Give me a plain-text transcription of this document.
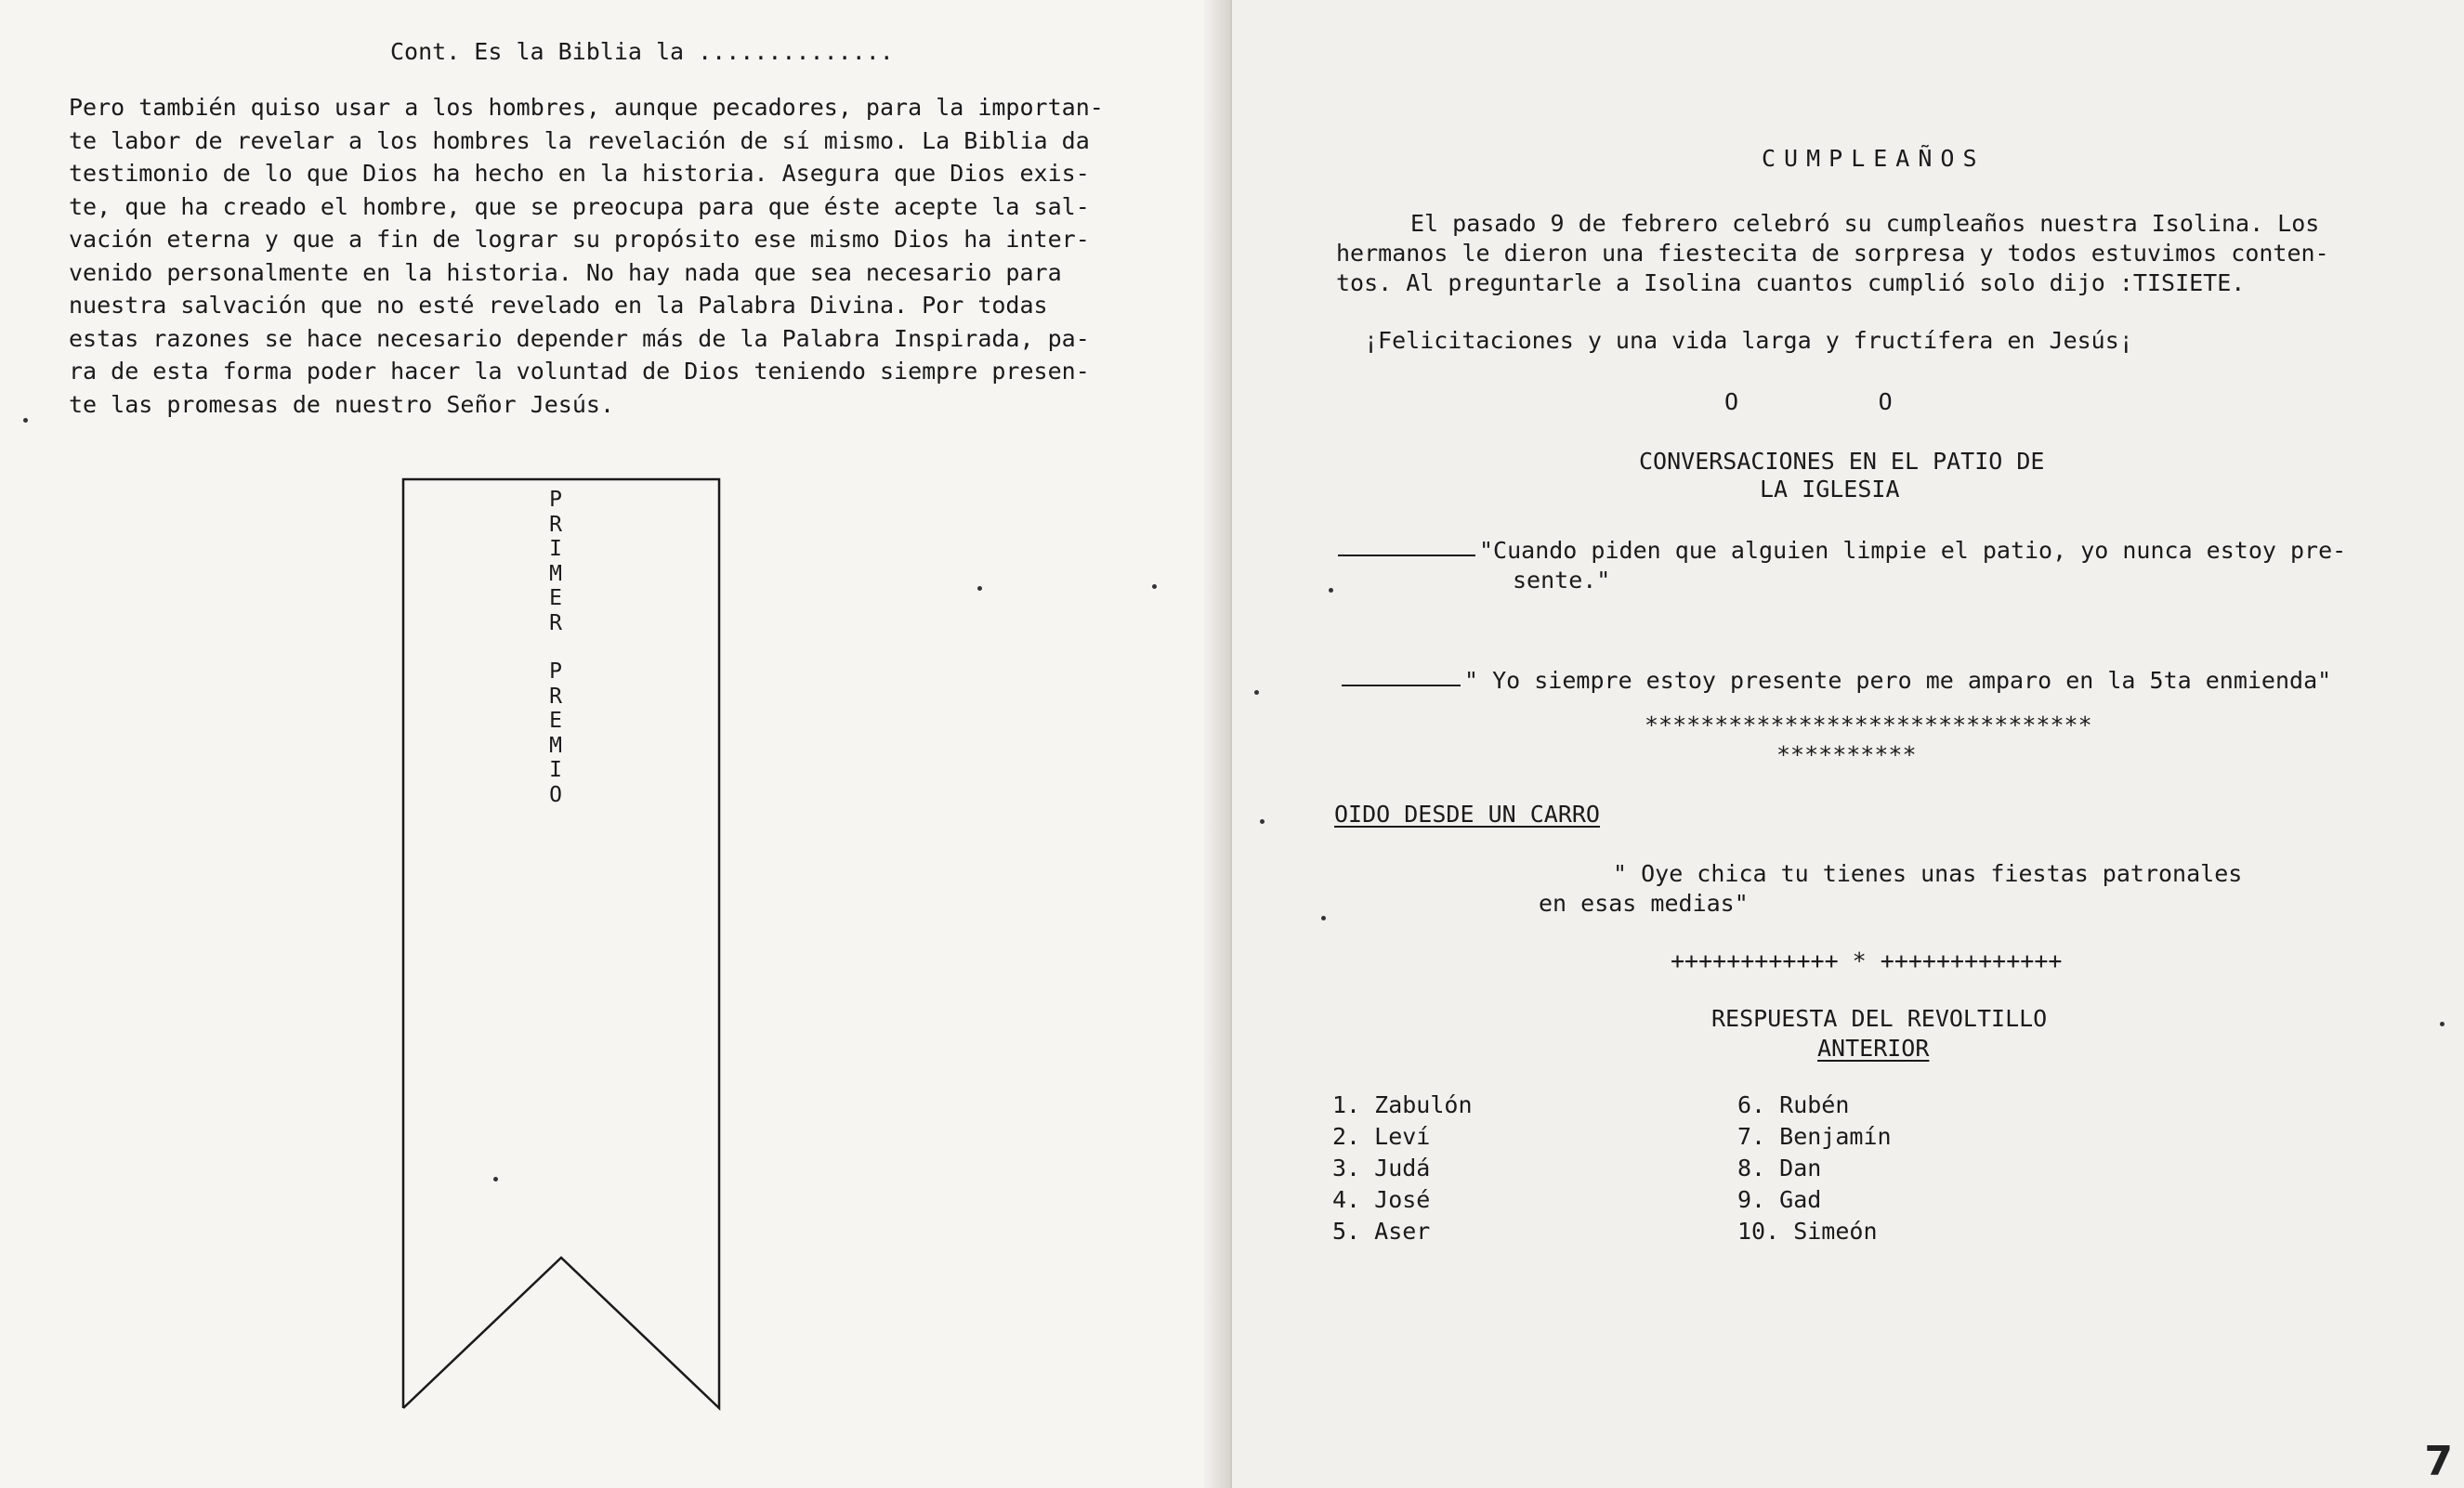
Cont. Es la Biblia la ..............
Pero también quiso usar a los hombres, aunque pecadores, para la importan-
te labor de revelar a los hombres la revelación de sí mismo. La Biblia da
testimonio de lo que Dios ha hecho en la historia. Asegura que Dios exis-
te, que ha creado el hombre, que se preocupa para que éste acepte la sal-
vación eterna y que a fin de lograr su propósito ese mismo Dios ha inter-
venido personalmente en la historia. No hay nada que sea necesario para
nuestra salvación que no esté revelado en la Palabra Divina. Por todas
estas razones se hace necesario depender más de la Palabra Inspirada, pa-
ra de esta forma poder hacer la voluntad de Dios teniendo siempre presen-
te las promesas de nuestro Señor Jesús.
P
R
I
M
E
R
P
R
E
M
I
O
CUMPLEAÑOS
El pasado 9 de febrero celebró su cumpleaños nuestra Isolina. Los
hermanos le dieron una fiestecita de sorpresa y todos estuvimos conten-
tos. Al preguntarle a Isolina cuantos cumplió solo dijo :TISIETE.
¡Felicitaciones y una vida larga y fructífera en Jesús¡
O          O
CONVERSACIONES EN EL PATIO DE
LA IGLESIA
"Cuando piden que alguien limpie el patio, yo nunca estoy pre-
sente."
" Yo siempre estoy presente pero me amparo en la 5ta enmienda"
********************************
**********
OIDO DESDE UN CARRO
" Oye chica tu tienes unas fiestas patronales
en esas medias"
++++++++++++ * +++++++++++++
RESPUESTA DEL REVOLTILLO
ANTERIOR
1. Zabulón
2. Leví
3. Judá
4. José
5. Aser
6. Rubén
7. Benjamín
8. Dan
9. Gad
10. Simeón
7
